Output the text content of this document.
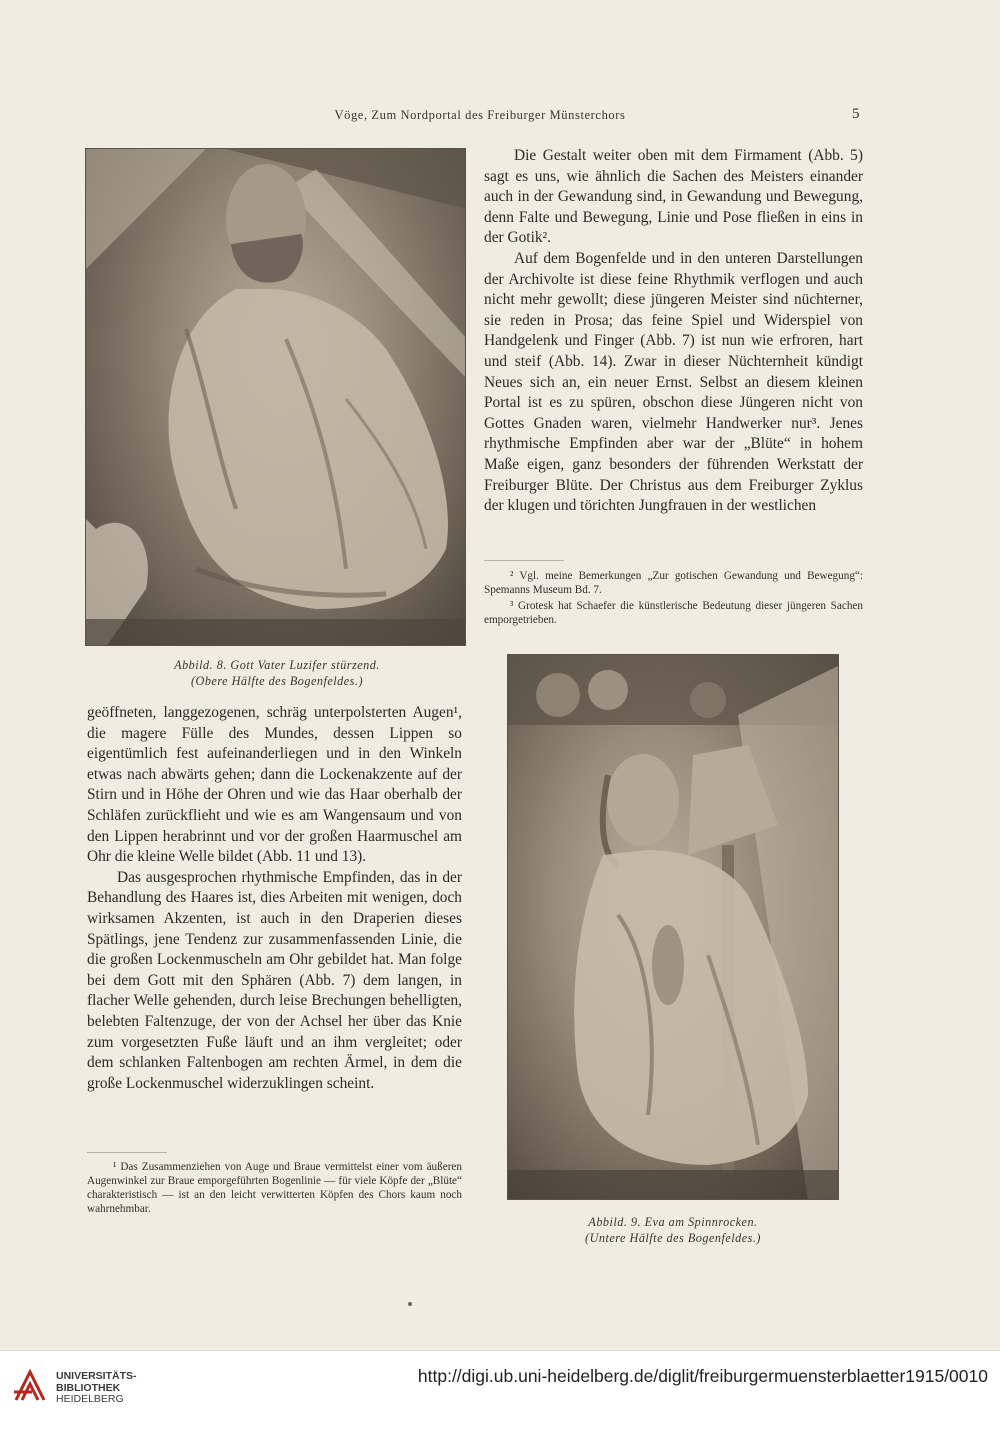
Vöge, Zum Nordportal des Freiburger Münsterchors	5
Abbild. 8. Gott Vater Luzifer stürzend.
(Obere Hälfte des Bogenfeldes.)

Die Gestalt weiter oben mit dem Firmament (Abb. 5) sagt es uns, wie ähnlich die Sachen des Meisters einander auch in der Gewandung sind, in Gewandung und Bewegung, denn Falte und Bewegung, Linie und Pose fließen in eins in der Gotik².

Auf dem Bogenfelde und in den unteren Darstellungen der Archivolte ist diese feine Rhythmik verflogen und auch nicht mehr gewollt; diese jüngeren Meister sind nüchterner, sie reden in Prosa; das feine Spiel und Widerspiel von Handgelenk und Finger (Abb. 7) ist nun wie erfroren, hart und steif (Abb. 14). Zwar in dieser Nüchternheit kündigt Neues sich an, ein neuer Ernst. Selbst an diesem kleinen Portal ist es zu spüren, obschon diese Jüngeren nicht von Gottes Gnaden waren, vielmehr Handwerker nur³. Jenes rhythmische Empfinden aber war der „Blüte“ in hohem Maße eigen, ganz besonders der führenden Werkstatt der Freiburger Blüte. Der Christus aus dem Freiburger Zyklus der klugen und törichten Jungfrauen in der westlichen

² Vgl. meine Bemerkungen „Zur gotischen Gewandung und Bewegung“: Spemanns Museum Bd. 7.

³ Grotesk hat Schaefer die künstlerische Bedeutung dieser jüngeren Sachen emporgetrieben.

geöffneten, langgezogenen, schräg unterpolsterten Augen¹, die magere Fülle des Mundes, dessen Lippen so eigentümlich fest aufeinanderliegen und in den Winkeln etwas nach abwärts gehen; dann die Lockenakzente auf der Stirn und in Höhe der Ohren und wie das Haar oberhalb der Schläfen zurückflieht und wie es am Wangensaum und von den Lippen herabrinnt und vor der großen Haarmuschel am Ohr die kleine Welle bildet (Abb. 11 und 13).

Das ausgesprochen rhythmische Empfinden, das in der Behandlung des Haares ist, dies Arbeiten mit wenigen, doch wirksamen Akzenten, ist auch in den Draperien dieses Spätlings, jene Tendenz zur zusammenfassenden Linie, die die großen Lockenmuscheln am Ohr gebildet hat. Man folge bei dem Gott mit den Sphären (Abb. 7) dem langen, in flacher Welle gehenden, durch leise Brechungen behelligten, belebten Faltenzuge, der von der Achsel her über das Knie zum vorgesetzten Fuße läuft und an ihm vergleitet; oder dem schlanken Faltenbogen am rechten Ärmel, in dem die große Lockenmuschel widerzuklingen scheint.

¹ Das Zusammenziehen von Auge und Braue vermittelst einer vom äußeren Augenwinkel zur Braue emporgeführten Bogenlinie — für viele Köpfe der „Blüte“ charakteristisch — ist an den leicht verwitterten Köpfen des Chors kaum noch wahrnehmbar.

Abbild. 9. Eva am Spinnrocken.
(Untere Hälfte des Bogenfeldes.)
UNIVERSITÄTS-
BIBLIOTHEK
HEIDELBERG
http://digi.ub.uni-heidelberg.de/diglit/freiburgermuensterblaetter1915/0010
